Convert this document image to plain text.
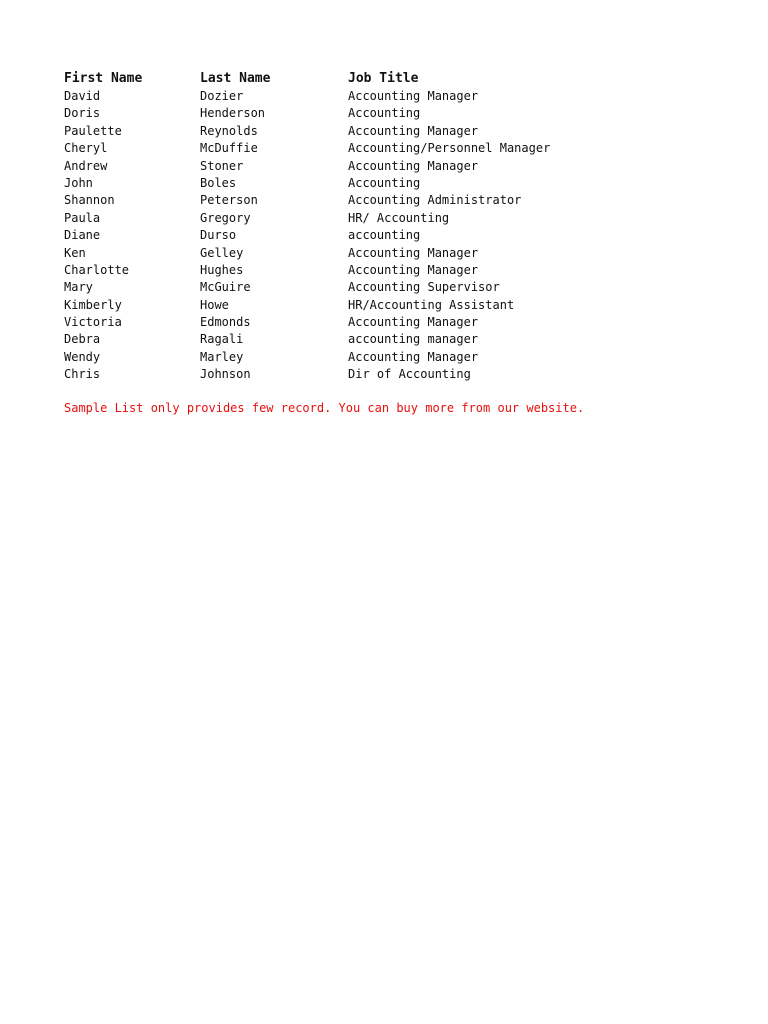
First Name	Last Name	Job Title
David	Dozier	Accounting Manager
Doris	Henderson	Accounting
Paulette	Reynolds	Accounting Manager
Cheryl	McDuffie	Accounting/Personnel Manager
Andrew	Stoner	Accounting Manager
John	Boles	Accounting
Shannon	Peterson	Accounting Administrator
Paula	Gregory	HR/ Accounting
Diane	Durso	accounting
Ken	Gelley	Accounting Manager
Charlotte	Hughes	Accounting Manager
Mary	McGuire	Accounting Supervisor
Kimberly	Howe	HR/Accounting Assistant
Victoria	Edmonds	Accounting Manager
Debra	Ragali	accounting manager
Wendy	Marley	Accounting Manager
Chris	Johnson	Dir of Accounting
Sample List only provides few record. You can buy more from our website.
